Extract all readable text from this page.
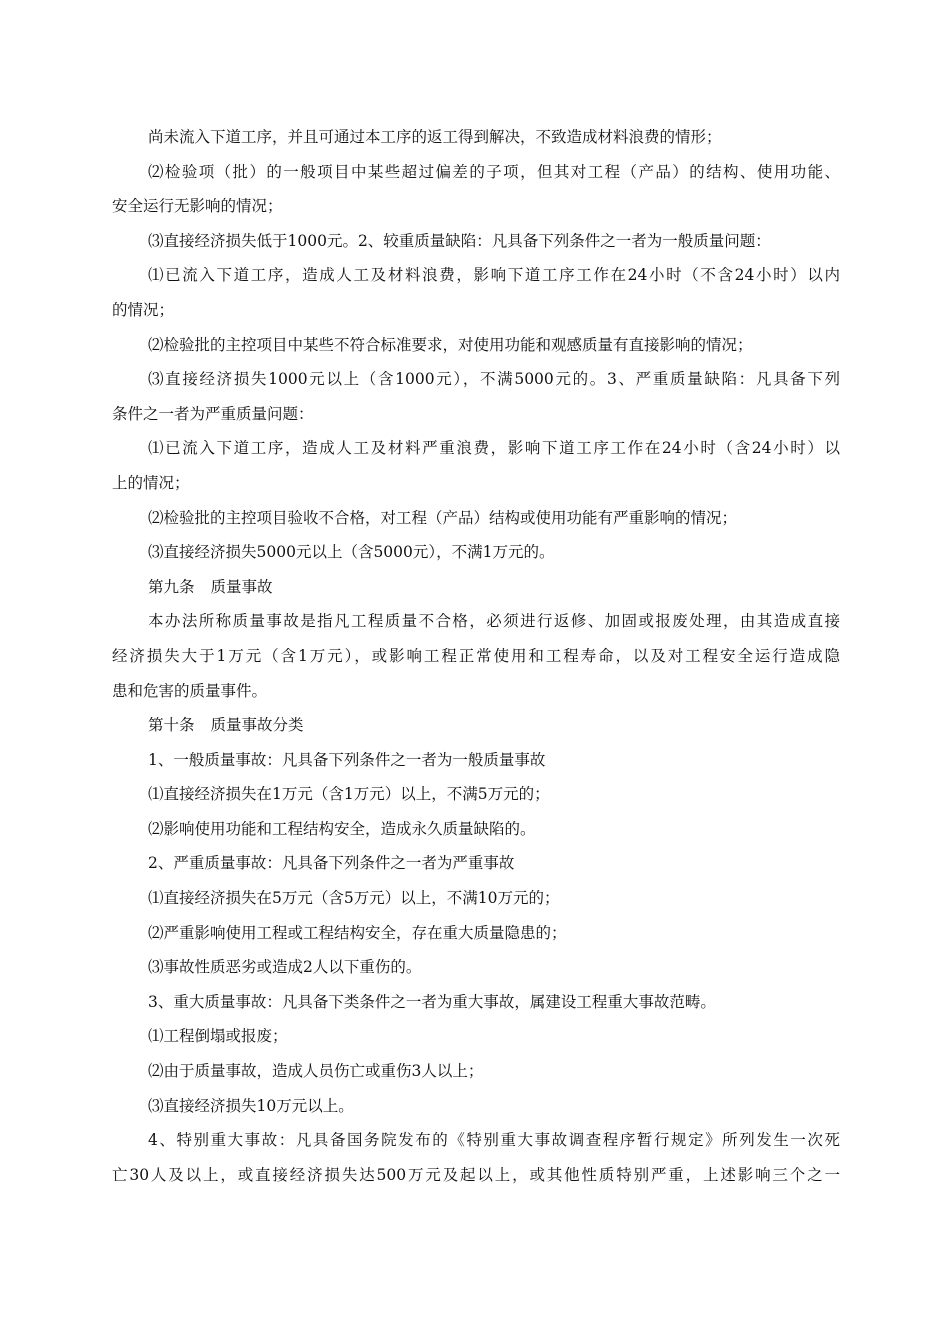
尚未流入下道工序，并且可通过本工序的返工得到解决，不致造成材料浪费的情形；
⑵检验项（批）的一般项目中某些超过偏差的子项，但其对工程（产品）的结构、使用功能、
安全运行无影响的情况；
⑶直接经济损失低于1000元。2、较重质量缺陷：凡具备下列条件之一者为一般质量问题：
⑴已流入下道工序，造成人工及材料浪费，影响下道工序工作在24小时（不含24小时）以内
的情况；
⑵检验批的主控项目中某些不符合标准要求，对使用功能和观感质量有直接影响的情况；
⑶直接经济损失1000元以上（含1000元），不满5000元的。3、严重质量缺陷：凡具备下列
条件之一者为严重质量问题：
⑴已流入下道工序，造成人工及材料严重浪费，影响下道工序工作在24小时（含24小时）以
上的情况；
⑵检验批的主控项目验收不合格，对工程（产品）结构或使用功能有严重影响的情况；
⑶直接经济损失5000元以上（含5000元），不满1万元的。
第九条 质量事故
本办法所称质量事故是指凡工程质量不合格，必须进行返修、加固或报废处理，由其造成直接
经济损失大于1万元（含1万元），或影响工程正常使用和工程寿命，以及对工程安全运行造成隐
患和危害的质量事件。
第十条 质量事故分类
1、一般质量事故：凡具备下列条件之一者为一般质量事故
⑴直接经济损失在1万元（含1万元）以上，不满5万元的；
⑵影响使用功能和工程结构安全，造成永久质量缺陷的。
2、严重质量事故：凡具备下列条件之一者为严重事故
⑴直接经济损失在5万元（含5万元）以上，不满10万元的；
⑵严重影响使用工程或工程结构安全，存在重大质量隐患的；
⑶事故性质恶劣或造成2人以下重伤的。
3、重大质量事故：凡具备下类条件之一者为重大事故，属建设工程重大事故范畴。
⑴工程倒塌或报废；
⑵由于质量事故，造成人员伤亡或重伤3人以上；
⑶直接经济损失10万元以上。
4、特别重大事故：凡具备国务院发布的《特别重大事故调查程序暂行规定》所列发生一次死
亡30人及以上，或直接经济损失达500万元及起以上，或其他性质特别严重，上述影响三个之一
